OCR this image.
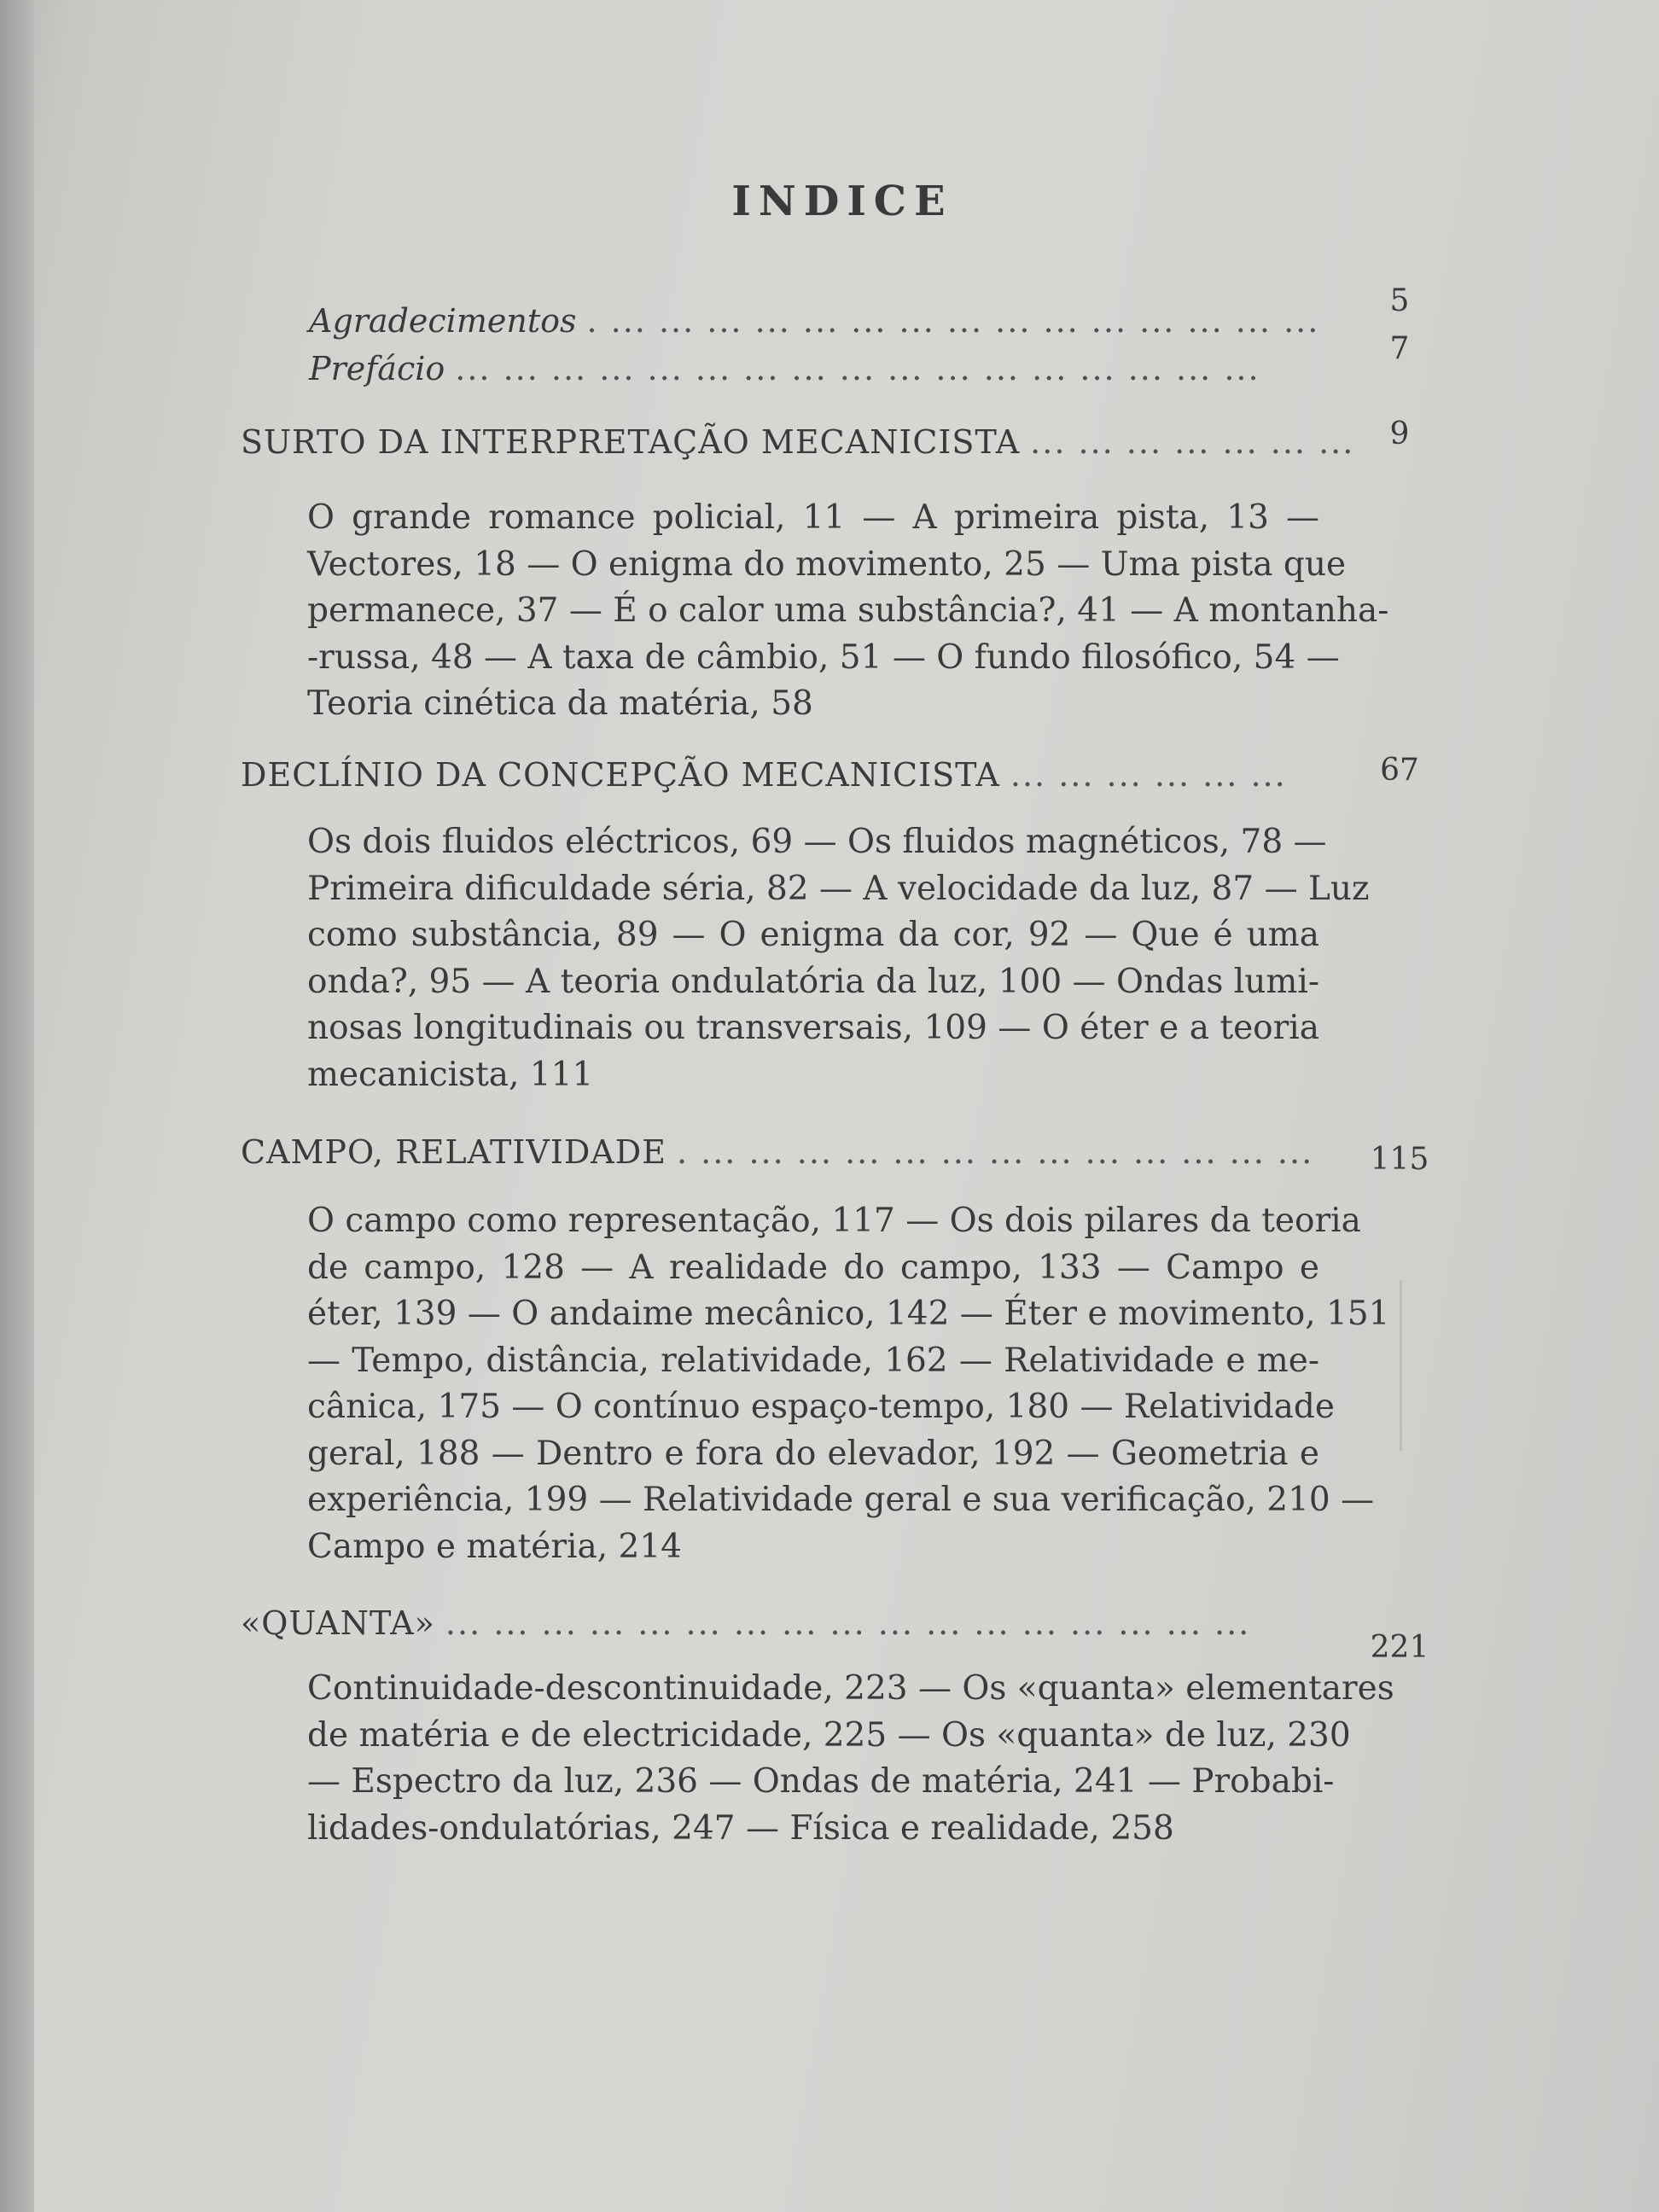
INDICE
Agradecimentos . ... ... ... ... ... ... ... ... ... ... ... ... ... ... ...
5
Prefácio ... ... ... ... ... ... ... ... ... ... ... ... ... ... ... ... ...
7
SURTO DA INTERPRETAÇÃO MECANICISTA ... ... ... ... ... ... ...	9
O grande romance policial, 11 — A primeira pista, 13 —
Vectores, 18 — O enigma do movimento, 25 — Uma pista que
permanece, 37 — É o calor uma substância?, 41 — A montanha-
-russa, 48 — A taxa de câmbio, 51 — O fundo filosófico, 54 —
Teoria cinética da matéria, 58
DECLÍNIO DA CONCEPÇÃO MECANICISTA ... ... ... ... ... ...	67
Os dois fluidos eléctricos, 69 — Os fluidos magnéticos, 78 —
Primeira dificuldade séria, 82 — A velocidade da luz, 87 — Luz
como substância, 89 — O enigma da cor, 92 — Que é uma
onda?, 95 — A teoria ondulatória da luz, 100 — Ondas lumi-
nosas longitudinais ou transversais, 109 — O éter e a teoria
mecanicista, 111
CAMPO, RELATIVIDADE . ... ... ... ... ... ... ... ... ... ... ... ... ... 115
O campo como representação, 117 — Os dois pilares da teoria
de campo, 128 — A realidade do campo, 133 — Campo e
éter, 139 — O andaime mecânico, 142 — Éter e movimento, 151
— Tempo, distância, relatividade, 162 — Relatividade e me-
cânica, 175 — O contínuo espaço-tempo, 180 — Relatividade
geral, 188 — Dentro e fora do elevador, 192 — Geometria e
experiência, 199 — Relatividade geral e sua verificação, 210 —
Campo e matéria, 214
«QUANTA» ... ... ... ... ... ... ... ... ... ... ... ... ... ... ... ... ...
221
Continuidade-descontinuidade, 223 — Os «quanta» elementares
de matéria e de electricidade, 225 — Os «quanta» de luz, 230
— Espectro da luz, 236 — Ondas de matéria, 241 — Probabi-
lidades-ondulatórias, 247 — Física e realidade, 258
